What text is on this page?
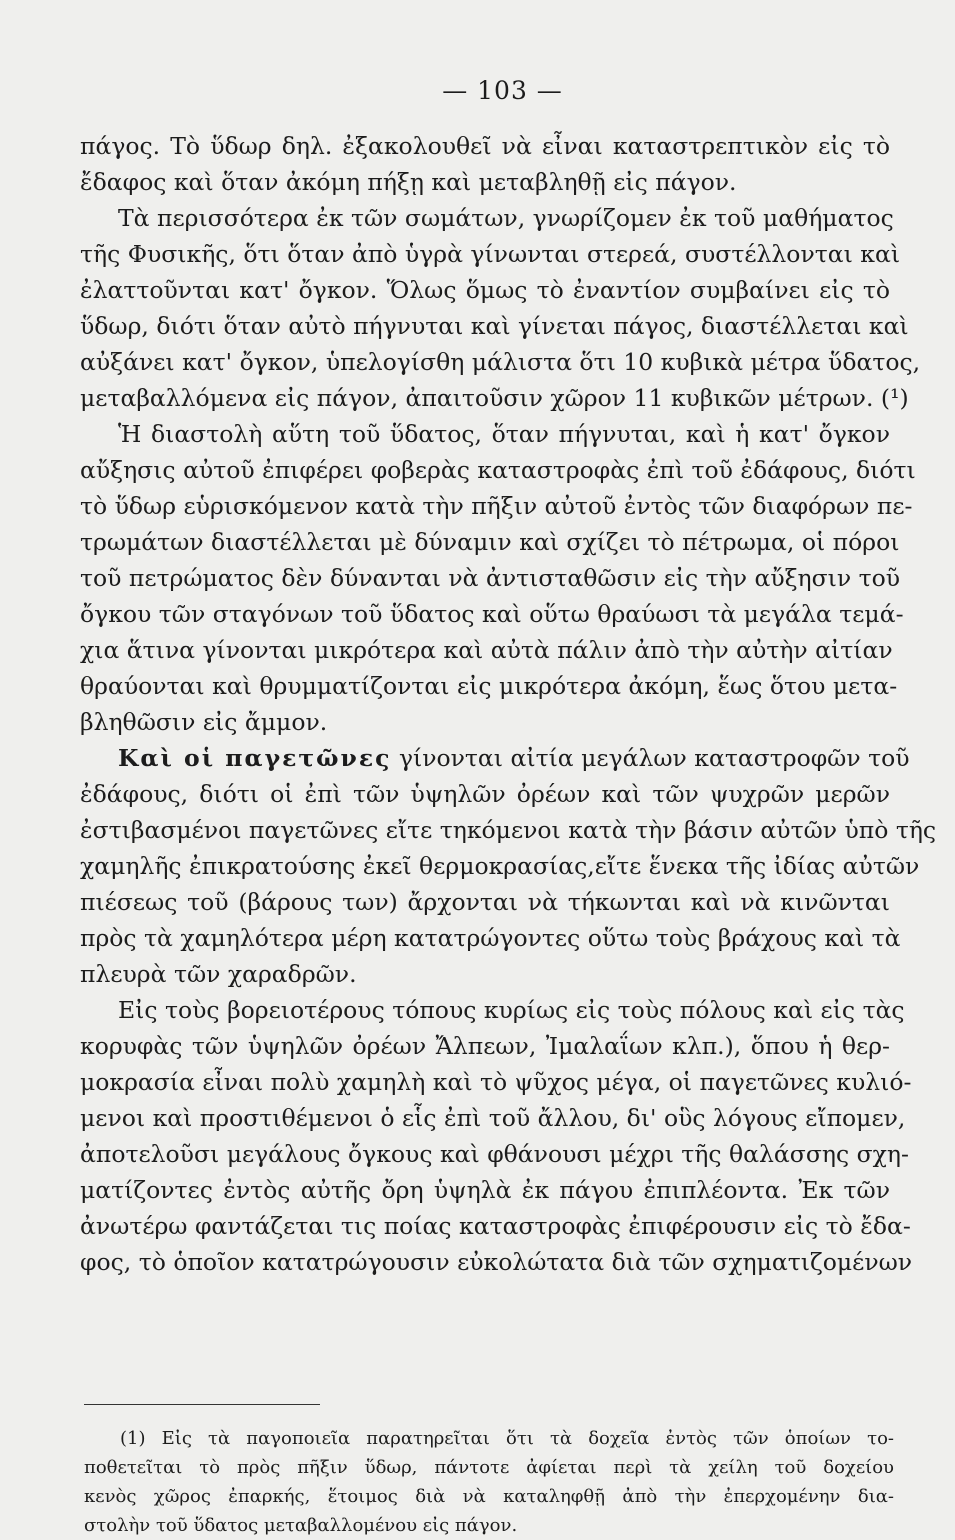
— 103 —
πάγος. Τὸ ὕδωρ δηλ. ἐξακολουθεῖ νὰ εἶναι καταστρεπτικὸν εἰς τὸ
ἔδαφος καὶ ὅταν ἀκόμη πήξῃ καὶ μεταβληθῇ εἰς πάγον.
Τὰ περισσότερα ἐκ τῶν σωμάτων, γνωρίζομεν ἐκ τοῦ μαθήματος
τῆς Φυσικῆς, ὅτι ὅταν ἀπὸ ὑγρὰ γίνωνται στερεά, συστέλλονται καὶ
ἐλαττοῦνται κατ' ὄγκον. Ὅλως ὅμως τὸ ἐναντίον συμβαίνει εἰς τὸ
ὕδωρ, διότι ὅταν αὐτὸ πήγνυται καὶ γίνεται πάγος, διαστέλλεται καὶ
αὐξάνει κατ' ὄγκον, ὑπελογίσθη μάλιστα ὅτι 10 κυβικὰ μέτρα ὕδατος,
μεταβαλλόμενα εἰς πάγον, ἀπαιτοῦσιν χῶρον 11 κυβικῶν μέτρων. (¹)
Ἡ διαστολὴ αὕτη τοῦ ὕδατος, ὅταν πήγνυται, καὶ ἡ κατ' ὄγκον
αὔξησις αὐτοῦ ἐπιφέρει φοβερὰς καταστροφὰς ἐπὶ τοῦ ἐδάφους, διότι
τὸ ὕδωρ εὑρισκόμενον κατὰ τὴν πῆξιν αὐτοῦ ἐντὸς τῶν διαφόρων πε-
τρωμάτων διαστέλλεται μὲ δύναμιν καὶ σχίζει τὸ πέτρωμα, οἱ πόροι
τοῦ πετρώματος δὲν δύνανται νὰ ἀντισταθῶσιν εἰς τὴν αὔξησιν τοῦ
ὄγκου τῶν σταγόνων τοῦ ὕδατος καὶ οὕτω θραύωσι τὰ μεγάλα τεμά-
χια ἅτινα γίνονται μικρότερα καὶ αὐτὰ πάλιν ἀπὸ τὴν αὐτὴν αἰτίαν
θραύονται καὶ θρυμματίζονται εἰς μικρότερα ἀκόμη, ἕως ὅτου μετα-
βληθῶσιν εἰς ἄμμον.
Καὶ οἱ παγετῶνες γίνονται αἰτία μεγάλων καταστροφῶν τοῦ
ἐδάφους, διότι οἱ ἐπὶ τῶν ὑψηλῶν ὀρέων καὶ τῶν ψυχρῶν μερῶν
ἐστιβασμένοι παγετῶνες εἴτε τηκόμενοι κατὰ τὴν βάσιν αὐτῶν ὑπὸ τῆς
χαμηλῆς ἐπικρατούσης ἐκεῖ θερμοκρασίας,εἴτε ἕνεκα τῆς ἰδίας αὐτῶν
πιέσεως τοῦ (βάρους των) ἄρχονται νὰ τήκωνται καὶ νὰ κινῶνται
πρὸς τὰ χαμηλότερα μέρη κατατρώγοντες οὕτω τοὺς βράχους καὶ τὰ
πλευρὰ τῶν χαραδρῶν.
Εἰς τοὺς βορειοτέρους τόπους κυρίως εἰς τοὺς πόλους καὶ εἰς τὰς
κορυφὰς τῶν ὑψηλῶν ὀρέων Ἄλπεων, Ἰμαλαΐων κλπ.), ὅπου ἡ θερ-
μοκρασία εἶναι πολὺ χαμηλὴ καὶ τὸ ψῦχος μέγα, οἱ παγετῶνες κυλιό-
μενοι καὶ προστιθέμενοι ὁ εἷς ἐπὶ τοῦ ἄλλου, δι' οὓς λόγους εἴπομεν,
ἀποτελοῦσι μεγάλους ὄγκους καὶ φθάνουσι μέχρι τῆς θαλάσσης σχη-
ματίζοντες ἐντὸς αὐτῆς ὄρη ὑψηλὰ ἐκ πάγου ἐπιπλέοντα. Ἐκ τῶν
ἀνωτέρω φαντάζεται τις ποίας καταστροφὰς ἐπιφέρουσιν εἰς τὸ ἔδα-
φος, τὸ ὁποῖον κατατρώγουσιν εὐκολώτατα διὰ τῶν σχηματιζομένων
(1) Εἰς τὰ παγοποιεῖα παρατηρεῖται ὅτι τὰ δοχεῖα ἐντὸς τῶν ὁποίων το-
ποθετεῖται τὸ πρὸς πῆξιν ὕδωρ, πάντοτε ἀφίεται περὶ τὰ χείλη τοῦ δοχείου
κενὸς χῶρος ἐπαρκής, ἕτοιμος διὰ νὰ καταληφθῇ ἀπὸ τὴν ἐπερχομένην δια-
στολὴν τοῦ ὕδατος μεταβαλλομένου εἰς πάγον.
